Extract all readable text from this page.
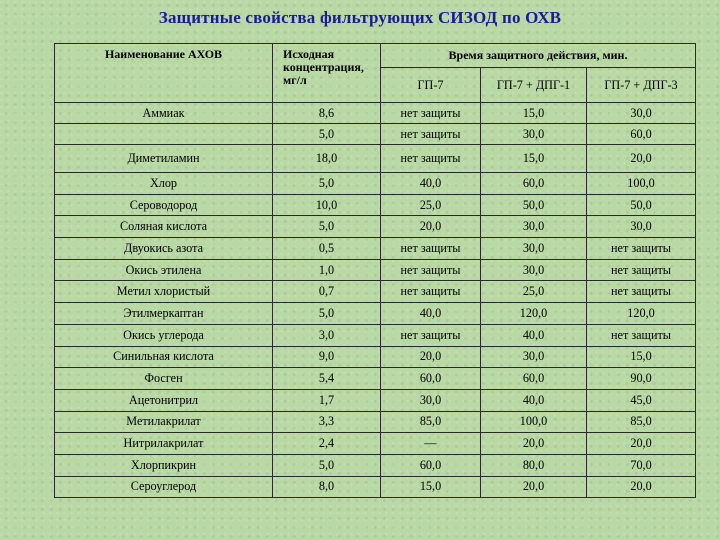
Защитные свойства фильтрующих СИЗОД по ОХВ
Наименование АХОВ	Исходная концентрация, мг/л	Время защитного действия, мин.		
		ГП-7	ГП-7 + ДПГ-1	ГП-7 + ДПГ-3
Аммиак	8,6	нет защиты	15,0	30,0
	5,0	нет защиты	30,0	60,0
Диметиламин	18,0	нет защиты	15,0	20,0
Хлор	5,0	40,0	60,0	100,0
Сероводород	10,0	25,0	50,0	50,0
Соляная кислота	5,0	20,0	30,0	30,0
Двуокись азота	0,5	нет защиты	30,0	нет защиты
Окись этилена	1,0	нет защиты	30,0	нет защиты
Метил хлористый	0,7	нет защиты	25,0	нет защиты
Этилмеркаптан	5,0	40,0	120,0	120,0
Окись углерода	3,0	нет защиты	40,0	нет защиты
Синильная кислота	9,0	20,0	30,0	15,0
Фосген	5,4	60,0	60,0	90,0
Ацетонитрил	1,7	30,0	40,0	45,0
Метилакрилат	3,3	85,0	100,0	85,0
Нитрилакрилат	2,4	—	20,0	20,0
Хлорпикрин	5,0	60,0	80,0	70,0
Сероуглерод	8,0	15,0	20,0	20,0
